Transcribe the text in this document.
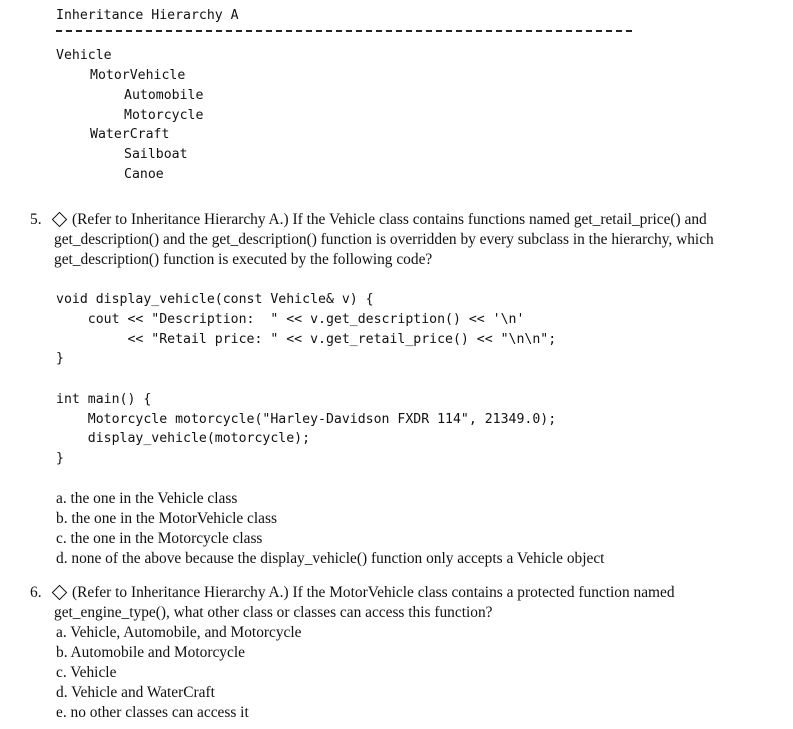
Inheritance Hierarchy A
Vehicle
MotorVehicle
Automobile
Motorcycle
WaterCraft
Sailboat
Canoe
5. (Refer to Inheritance Hierarchy A.) If the Vehicle class contains functions named get_retail_price() and
get_description() and the get_description() function is overridden by every subclass in the hierarchy, which
get_description() function is executed by the following code?
void display_vehicle(const Vehicle& v) {
cout << "Description:  " << v.get_description() << '\n'
<< "Retail price: " << v.get_retail_price() << "\n\n";
}
int main() {
Motorcycle motorcycle("Harley-Davidson FXDR 114", 21349.0);
display_vehicle(motorcycle);
}
a. the one in the Vehicle class
b. the one in the MotorVehicle class
c. the one in the Motorcycle class
d. none of the above because the display_vehicle() function only accepts a Vehicle object
6. (Refer to Inheritance Hierarchy A.) If the MotorVehicle class contains a protected function named
get_engine_type(), what other class or classes can access this function?
a. Vehicle, Automobile, and Motorcycle
b. Automobile and Motorcycle
c. Vehicle
d. Vehicle and WaterCraft
e. no other classes can access it
